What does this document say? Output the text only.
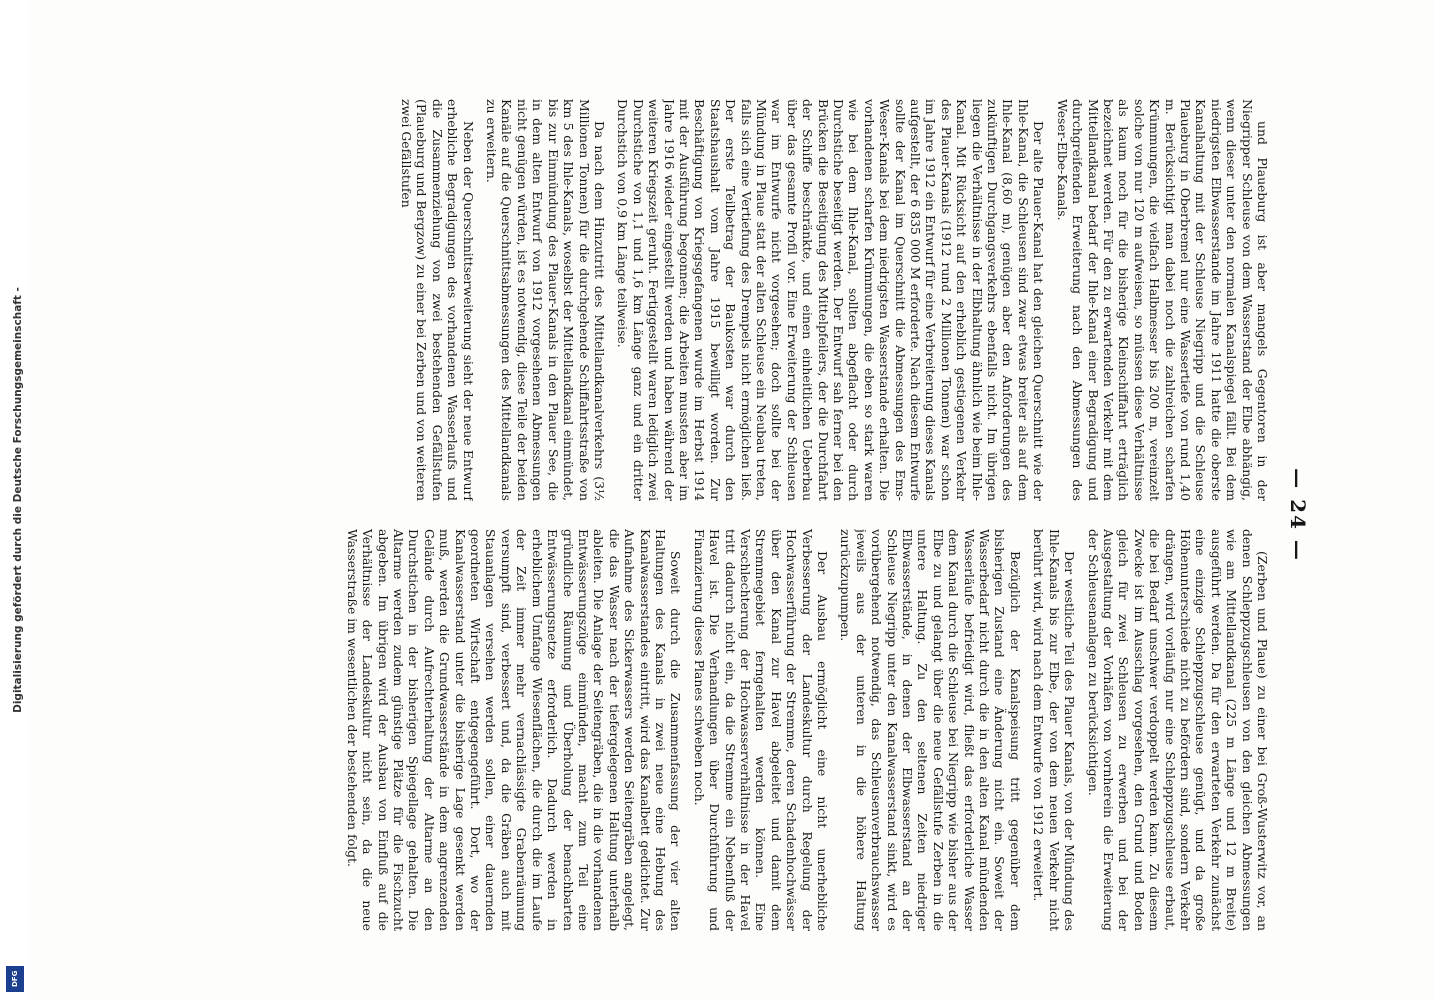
— 24 —

und Plaueburg ist aber mangels Gegentoren in der Niegripper Schleuse von dem Wasserstand der Elbe abhängig, wenn dieser unter den normalen Kanalspiegel fällt. Bei dem niedrigsten Elbwasserstande im Jahre 1911 hatte die oberste Kanalhaltung mit der Schleuse Niegripp und die Schleuse Plaueburg in Oberbremel nur eine Wassertiefe von rund 1,40 m. Berücksichtigt man dabei noch die zahlreichen scharfen Krümmungen, die vielfach Halbmesser bis 200 m, vereinzelt solche von nur 120 m aufweisen, so müssen diese Verhältnisse als kaum noch für die bisherige Kleinschiffahrt erträglich bezeichnet werden. Für den zu erwartenden Verkehr mit dem Mittellandkanal bedarf der Ihle-Kanal einer Begradigung und durchgreifenden Erweiterung nach den Abmessungen des Weser-Elbe-Kanals.

Der alte Plauer-Kanal hat den gleichen Querschnitt wie der Ihle-Kanal, die Schleusen sind zwar etwas breiter als auf dem Ihle-Kanal (8,60 m), genügen aber den Anforderungen des zukünftigen Durchgangsverkehrs ebenfalls nicht. Im übrigen liegen die Verhältnisse in der Elbhaltung ähnlich wie beim Ihle-Kanal. Mit Rücksicht auf den erheblich gestiegenen Verkehr des Plauer-Kanals (1912 rund 2 Millionen Tonnen) war schon im Jahre 1912 ein Entwurf für eine Verbreiterung dieses Kanals aufgestellt, der 6 835 000 M erforderte. Nach diesem Entwurfe sollte der Kanal im Querschnitt die Abmessungen des Ems-Weser-Kanals bei dem niedrigsten Wasserstande erhalten. Die vorhandenen scharfen Krümmungen, die eben so stark waren wie bei dem Ihle-Kanal, sollten abgeflacht oder durch Durchstiche beseitigt werden. Der Entwurf sah ferner bei den Brücken die Beseitigung des Mittelpfeilers, der die Durchfahrt der Schiffe beschränkte, und einen einheitlichen Ueberbau über das gesamte Profil vor. Eine Erweiterung der Schleusen war im Entwurfe nicht vorgesehen; doch sollte bei der Mündung in Plaue statt der alten Schleuse ein Neubau treten, falls sich eine Vertiefung des Drempels nicht ermöglichen ließ. Der erste Teilbetrag der Baukosten war durch den Staatshaushalt vom Jahre 1915 bewilligt worden. Zur Beschäftigung von Kriegsgefangenen wurde im Herbst 1914 mit der Ausführung begonnen; die Arbeiten mussten aber im Jahre 1916 wieder eingestellt werden und haben während der weiteren Kriegszeit geruht. Fertiggestellt waren lediglich zwei Durchstiche von 1,1 und 1,6 km Länge ganz und ein dritter Durchstich von 0,9 km Länge teilweise.

Da nach dem Hinzutritt des Mittellandkanalverkehrs (3½ Millionen Tonnen) für die durchgehende Schiffahrtsstraße von km 5 des Ihle-Kanals, woselbst der Mittellandkanal einmündet, bis zur Einmündung des Plauer-Kanals in den Plauer See, die in dem alten Entwurf von 1912 vorgesehenen Abmessungen nicht genügen würden, ist es notwendig, diese Teile der beiden Kanäle auf die Querschnittsabmessungen des Mittellandkanals zu erweitern.

Neben der Querschnittserweiterung sieht der neue Entwurf erhebliche Begradigungen des vorhandenen Wasserlaufs und die Zusammenziehung von zwei bestehenden Gefällstufen (Plaueburg und Bergzow) zu einer bei Zerben und von weiteren zwei Gefällstufen

(Zerben und Plaue) zu einer bei Groß-Wusterwitz vor, an denen Schleppzugschleusen von den gleichen Abmessungen wie am Mittellandkanal (225 m Länge und 12 m Breite) ausgeführt werden. Da für den erwarteten Verkehr zunächst eine einzige Schleppzugschleuse genügt, und da große Höhenunterschiede nicht zu befördern sind, sondern Verkehr drängen, wird vorläufig nur eine Schleppzugschleuse erbaut, die bei Bedarf unschwer verdoppelt werden kann. Zu diesem Zwecke ist im Ausschlag vorgesehen, den Grund und Boden gleich für zwei Schleusen zu erwerben und bei der Ausgestaltung der Vorhäfen von vornherein die Erweiterung der Schleusenanlagen zu berücksichtigen.

Der westliche Teil des Plauer Kanals, von der Mündung des Ihle-Kanals bis zur Elbe, der von dem neuen Verkehr nicht berührt wird, wird nach dem Entwurfe von 1912 erweitert.

Bezüglich der Kanalspeisung tritt gegenüber dem bisherigen Zustand eine Änderung nicht ein. Soweit der Wasserbedarf nicht durch die in den alten Kanal mündenden Wasserläufe befriedigt wird, fließt das erforderliche Wasser dem Kanal durch die Schleuse bei Niegripp wie bisher aus der Elbe zu und gelangt über die neue Gefällstufe Zerben in die untere Haltung. Zu den seltenen Zeiten niedriger Elbwasserstände, in denen der Elbwasserstand an der Schleuse Niegripp unter den Kanalwasserstand sinkt, wird es vorübergehend notwendig, das Schleusenverbrauchswasser jeweils aus der unteren in die höhere Haltung zurückzupumpen.

Der Ausbau ermöglicht eine nicht unerhebliche Verbesserung der Landeskultur durch Regelung der Hochwasserführung der Stremme, deren Schadenhochwässer über den Kanal zur Havel abgeleitet und damit dem Stremmegebiet ferngehalten werden können. Eine Verschlechterung der Hochwasserverhältnisse in der Havel tritt dadurch nicht ein, da die Stremme ein Nebenfluß der Havel ist. Die Verhandlungen über Durchführung und Finanzierung dieses Planes schweben noch.

Soweit durch die Zusammenfassung der vier alten Haltungen des Kanals in zwei neue eine Hebung des Kanalwasserstandes eintritt, wird das Kanalbett gedichtet. Zur Aufnahme des Sickerwassers werden Seitengräben angelegt, die das Wasser nach der tiefergelegenen Haltung unterhalb ableiten. Die Anlage der Seitengräben, die in die vorhandenen Entwässerungszüge einmünden, macht zum Teil eine gründliche Räumung und Überholung der benachbarten Entwässerungsnetze erforderlich. Dadurch werden in erheblichem Umfange Wiesenflächen, die durch die im Laufe der Zeit immer mehr vernachlässigte Grabenräumung versumpft sind, verbessert und, da die Gräben auch mit Stauanlagen versehen werden sollen, einer dauernden geordneten Wirtschaft entgegengeführt. Dort, wo der Kanalwasserstand unter die bisherige Lage gesenkt werden muß, werden die Grundwasserstände in dem angrenzenden Gelände durch Aufrechterhaltung der Altarme an den Durchstichen in der bisherigen Spiegellage gehalten. Die Altarme werden zudem günstige Plätze für die Fischzucht abgeben. Im übrigen wird der Ausbau von Einfluß auf die Verhältnisse der Landeskultur nicht sein, da die neue Wasserstraße im wesentlichen der bestehenden folgt.

Digitalisierung gefördert durch die Deutsche Forschungsgemeinschaft -
DFG
